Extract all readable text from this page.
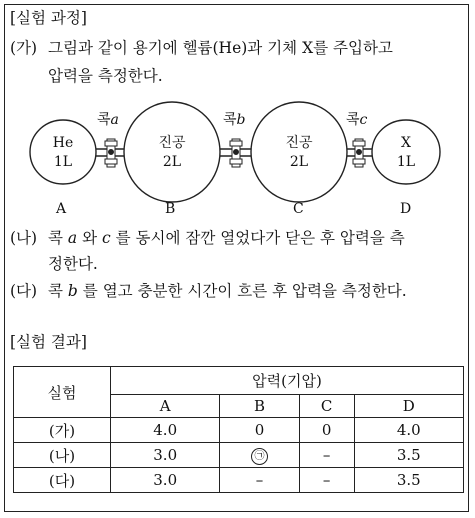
[실험 과정]
(가) 그림과 같이 용기에 헬륨(He)과 기체 X를 주입하고
압력을 측정한다.
콕a	콕b	콕c
He
1L
진공
2L
진공
2L
X
1L
A	B	C	D
(나) 콕 a 와 c 를 동시에 잠깐 열었다가 닫은 후 압력을 측
정한다.
(다) 콕 b 를 열고 충분한 시간이 흐른 후 압력을 측정한다.
[실험 결과]
실험	압력(기압)			
	A	B	C	D
(가)	4.0	0	0	4.0
(나)	3.0	㉠	–	3.5
(다)	3.0	–	–	3.5
